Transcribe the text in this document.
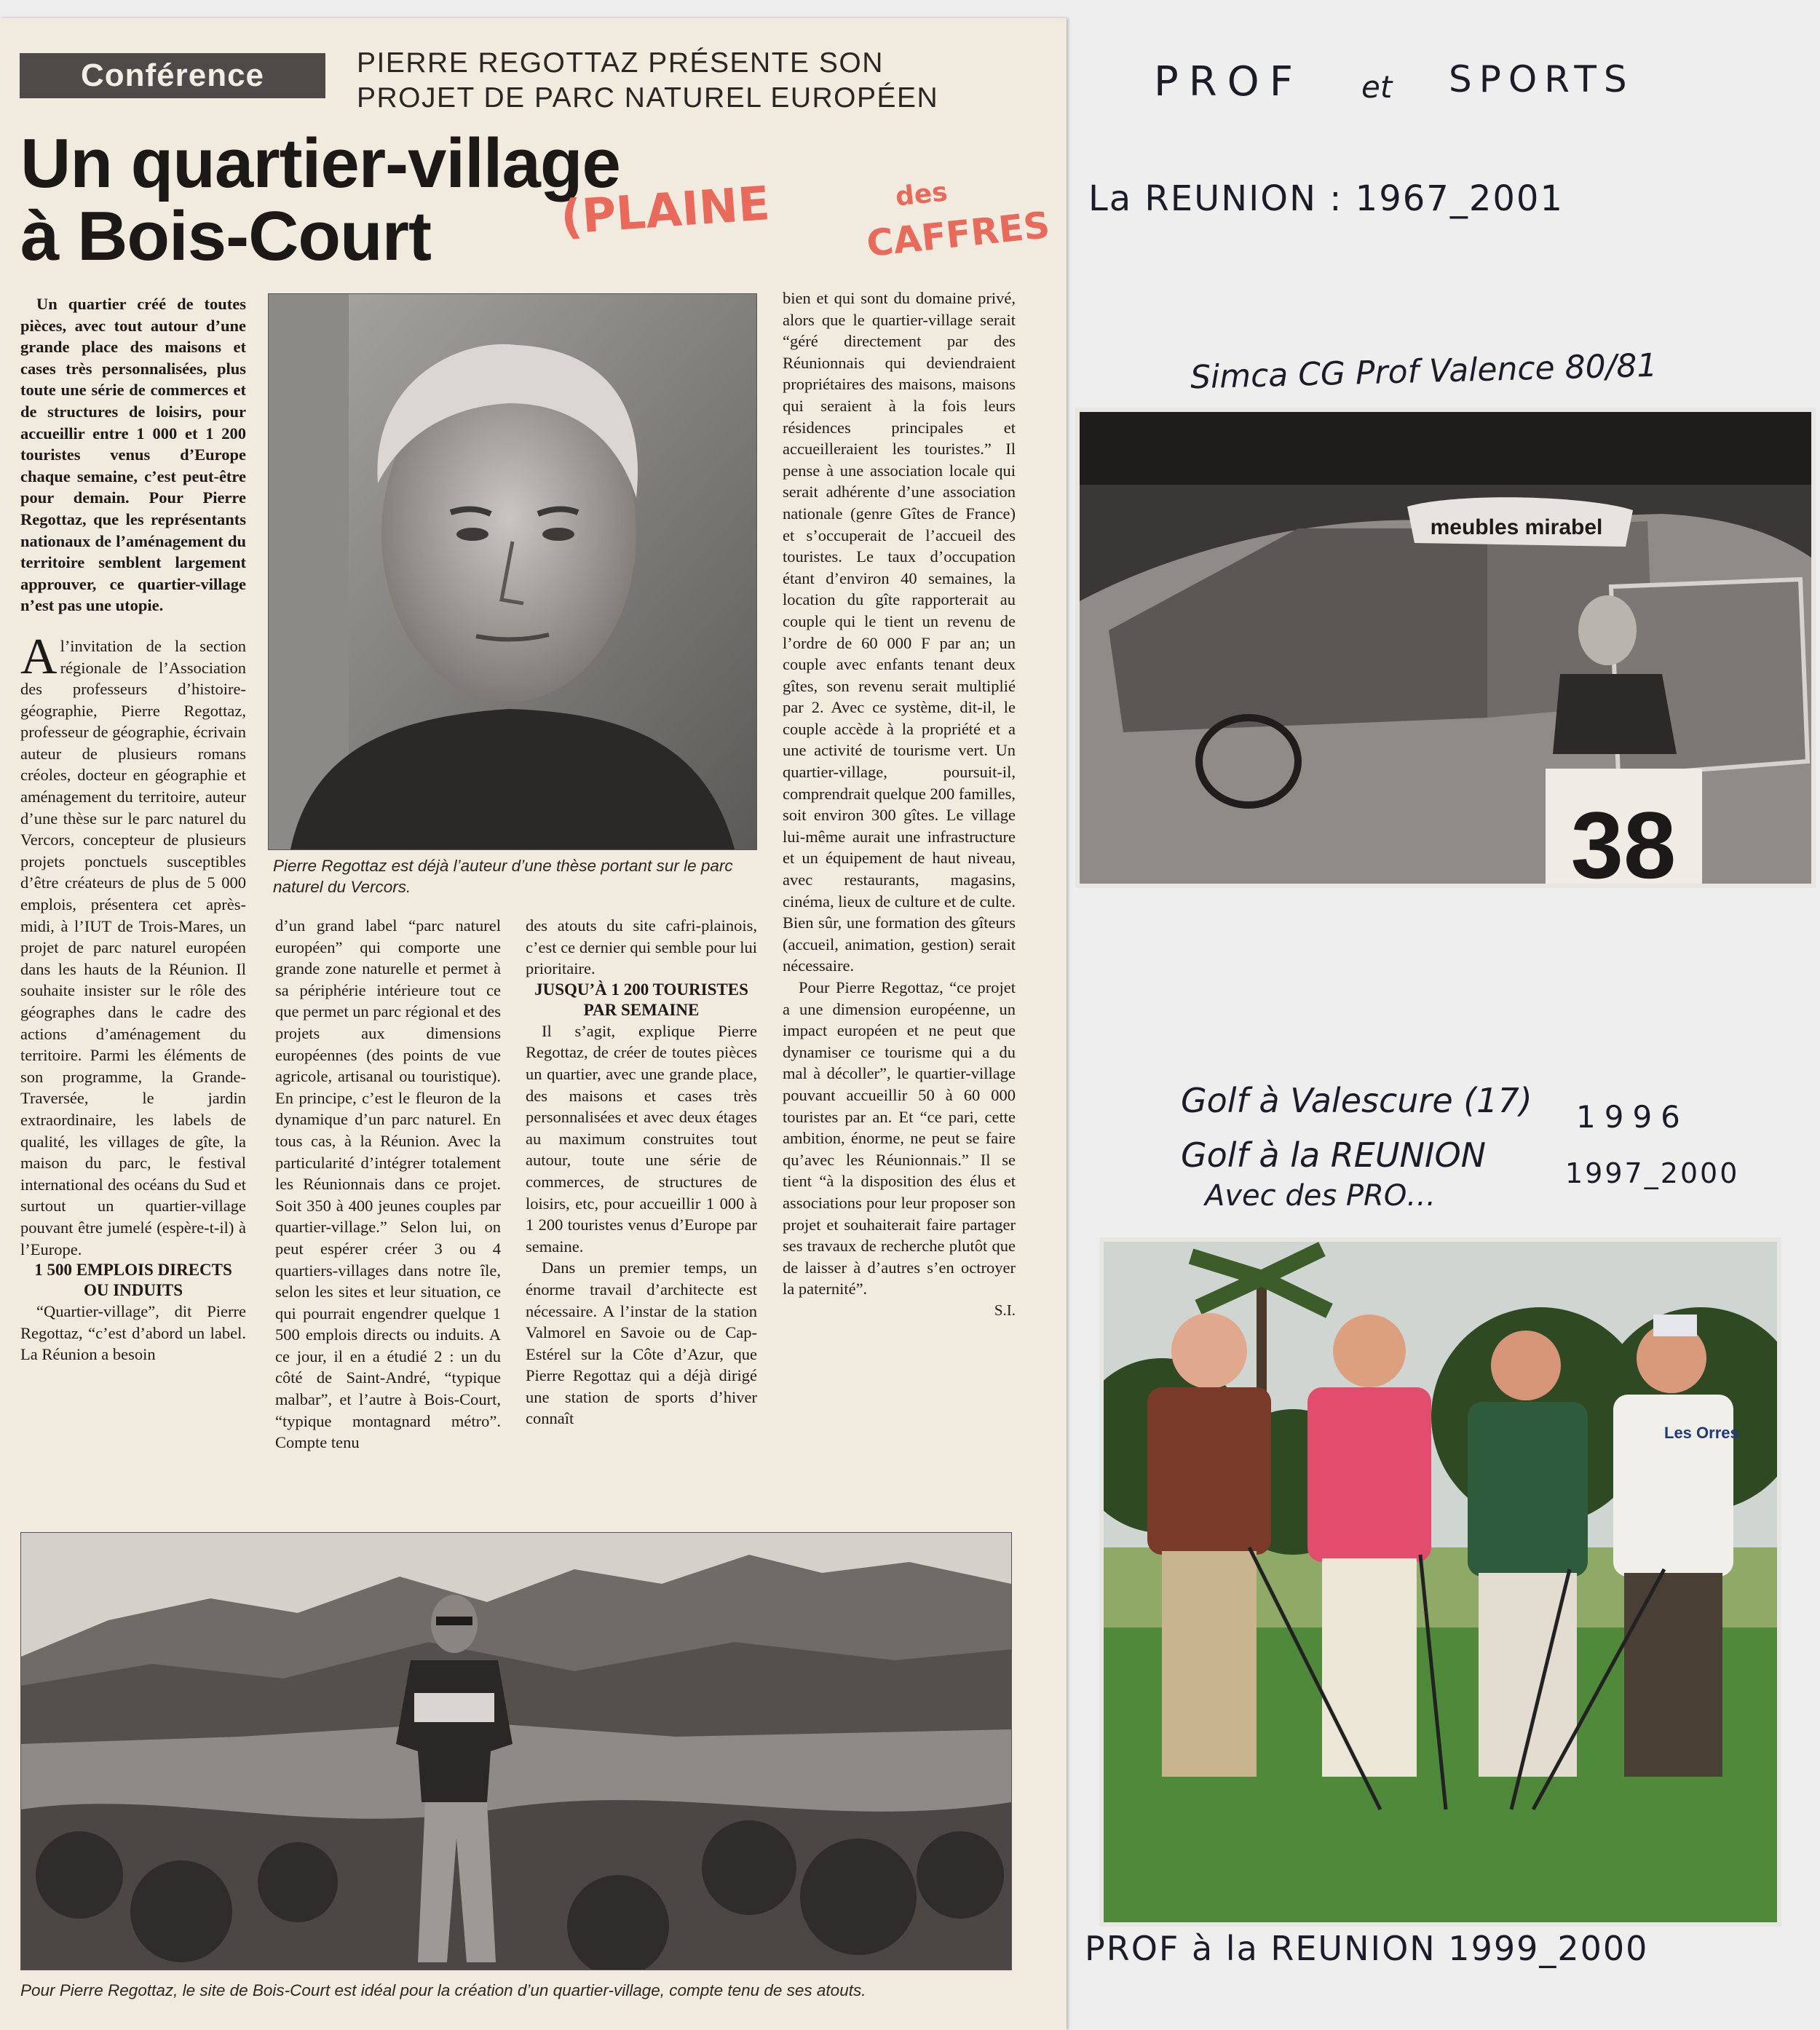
Conférence	PIERRE REGOTTAZ PRÉSENTE SON
PROJET DE PARC NATUREL EUROPÉEN
Un quartier-village
à Bois-Court	(PLAINE	des
CAFFRES

Un quartier créé de toutes pièces, avec tout autour d’une grande place des maisons et cases très personnalisées, plus toute une série de commerces et de structures de loisirs, pour accueillir entre 1 000 et 1 200 touristes venus d’Europe chaque semaine, c’est peut-être pour demain. Pour Pierre Regottaz, que les représentants nationaux de l’aménagement du territoire semblent largement approuver, ce quartier-village n’est pas une utopie.

A l’invitation de la section régionale de l’Association des professeurs d’histoire-géographie, Pierre Regottaz, professeur de géographie, écrivain auteur de plusieurs romans créoles, docteur en géographie et aménagement du territoire, auteur d’une thèse sur le parc naturel du Vercors, concepteur de plusieurs projets ponctuels susceptibles d’être créateurs de plus de 5 000 emplois, présentera cet après-midi, à l’IUT de Trois-Mares, un projet de parc naturel européen dans les hauts de la Réunion. Il souhaite insister sur le rôle des géographes dans le cadre des actions d’aménagement du territoire. Parmi les éléments de son programme, la Grande-Traversée, le jardin extraordinaire, les labels de qualité, les villages de gîte, la maison du parc, le festival international des océans du Sud et surtout un quartier-village pouvant être jumelé (espère-t-il) à l’Europe.

1 500 EMPLOIS DIRECTS OU INDUITS

“Quartier-village”, dit Pierre Regottaz, “c’est d’abord un label. La Réunion a besoin

Pierre Regottaz est déjà l’auteur d’une thèse portant sur le parc naturel du Vercors.

d’un grand label “parc naturel européen” qui comporte une grande zone naturelle et permet à sa périphérie intérieure tout ce que permet un parc régional et des projets aux dimensions européennes (des points de vue agricole, artisanal ou touristique). En principe, c’est le fleuron de la dynamique d’un parc naturel. En tous cas, à la Réunion. Avec la particularité d’intégrer totalement les Réunionnais dans ce projet. Soit 350 à 400 jeunes couples par quartier-village.” Selon lui, on peut espérer créer 3 ou 4 quartiers-villages dans notre île, selon les sites et leur situation, ce qui pourrait engendrer quelque 1 500 emplois directs ou induits. A ce jour, il en a étudié 2 : un du côté de Saint-André, “typique malbar”, et l’autre à Bois-Court, “typique montagnard métro”. Compte tenu

des atouts du site cafri-plainois, c’est ce dernier qui semble pour lui prioritaire.

JUSQU’À 1 200 TOURISTES PAR SEMAINE

Il s’agit, explique Pierre Regottaz, de créer de toutes pièces un quartier, avec une grande place, des maisons et cases très personnalisées et avec deux étages au maximum construites tout autour, toute une série de commerces, de structures de loisirs, etc, pour accueillir 1 000 à 1 200 touristes venus d’Europe par semaine.

Dans un premier temps, un énorme travail d’architecte est nécessaire. A l’instar de la station Valmorel en Savoie ou de Cap-Estérel sur la Côte d’Azur, que Pierre Regottaz qui a déjà dirigé une station de sports d’hiver connaît

bien et qui sont du domaine privé, alors que le quartier-village serait “géré directement par des Réunionnais qui deviendraient propriétaires des maisons, maisons qui seraient à la fois leurs résidences principales et accueilleraient les touristes.” Il pense à une association locale qui serait adhérente d’une association nationale (genre Gîtes de France) et s’occuperait de l’accueil des touristes. Le taux d’occupation étant d’environ 40 semaines, la location du gîte rapporterait au couple qui le tient un revenu de l’ordre de 60 000 F par an; un couple avec enfants tenant deux gîtes, son revenu serait multiplié par 2. Avec ce système, dit-il, le couple accède à la propriété et a une activité de tourisme vert. Un quartier-village, poursuit-il, comprendrait quelque 200 familles, soit environ 300 gîtes. Le village lui-même aurait une infrastructure et un équipement de haut niveau, avec restaurants, magasins, cinéma, lieux de culture et de culte. Bien sûr, une formation des gîteurs (accueil, animation, gestion) serait nécessaire.

Pour Pierre Regottaz, “ce projet a une dimension européenne, un impact européen et ne peut que dynamiser ce tourisme qui a du mal à décoller”, le quartier-village pouvant accueillir 50 à 60 000 touristes par an. Et “ce pari, cette ambition, énorme, ne peut se faire qu’avec les Réunionnais.” Il se tient “à la disposition des élus et associations pour leur proposer son projet et souhaiterait faire partager ses travaux de recherche plutôt que de laisser à d’autres s’en octroyer la paternité”.

S.I.

Pour Pierre Regottaz, le site de Bois-Court est idéal pour la création d’un quartier-village, compte tenu de ses atouts.
PROF et SPORTS
La REUNION : 1967_2001
Simca CG Prof Valence 80/81
meubles mirabel
38
Golf à Valescure (17) 1996
Golf à la REUNION	1997_2000
Avec des PRO…
Les Orres
PROF à la REUNION 1999_2000
